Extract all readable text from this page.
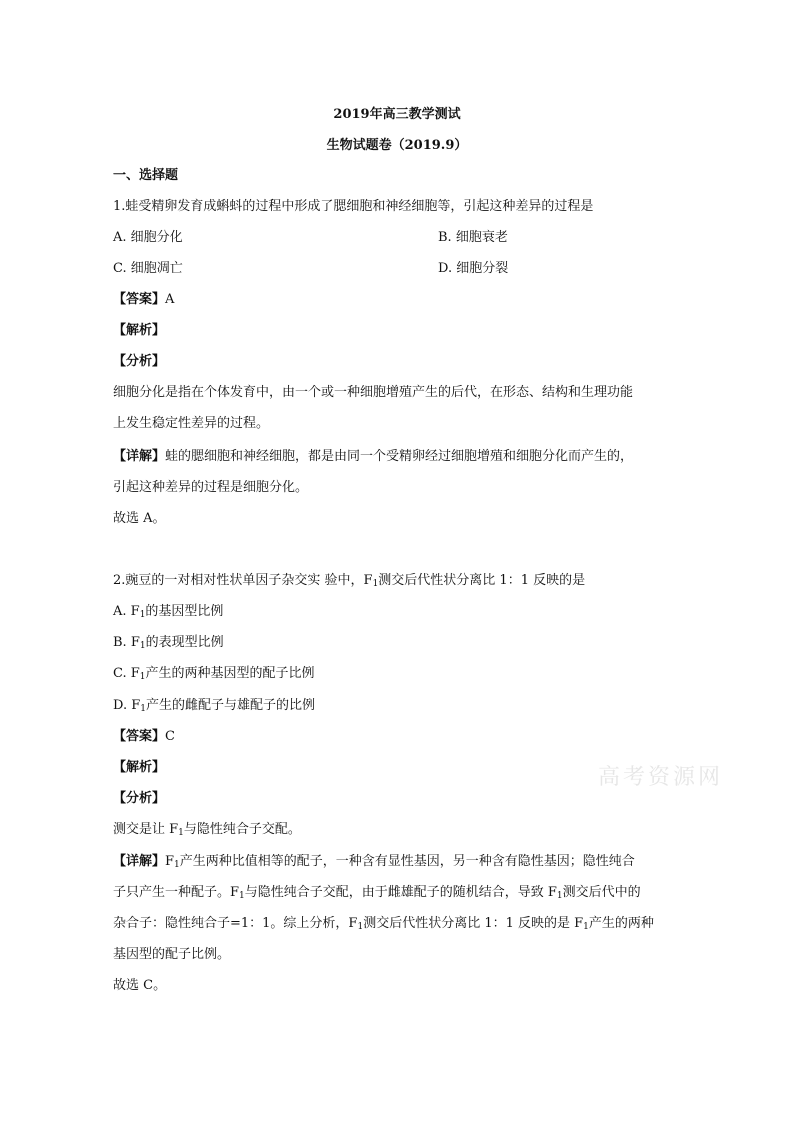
2019年高三教学测试
生物试题卷（2019.9）
一、选择题
1.蛙受精卵发育成蝌蚪的过程中形成了腮细胞和神经细胞等，引起这种差异的过程是
A. 细胞分化	B. 细胞衰老
C. 细胞凋亡	D. 细胞分裂
【答案】A
【解析】
【分析】
细胞分化是指在个体发育中，由一个或一种细胞增殖产生的后代，在形态、结构和生理功能
上发生稳定性差异的过程。
【详解】蛙的腮细胞和神经细胞，都是由同一个受精卵经过细胞增殖和细胞分化而产生的，
引起这种差异的过程是细胞分化。
故选 A。
2.豌豆的一对相对性状单因子杂交实 验中，$F_1$测交后代性状分离比 1：1 反映的是
A. $F_1$的基因型比例
B. $F_1$的表现型比例
C. $F_1$产生的两种基因型的配子比例
D. $F_1$产生的雌配子与雄配子的比例
【答案】C
【解析】
【分析】
测交是让 $F_1$与隐性纯合子交配。
【详解】$F_1$产生两种比值相等的配子，一种含有显性基因，另一种含有隐性基因；隐性纯合
子只产生一种配子。$F_1$与隐性纯合子交配，由于雌雄配子的随机结合，导致 $F_1$测交后代中的
杂合子：隐性纯合子=1：1。综上分析，$F_1$测交后代性状分离比 1：1 反映的是 $F_1$产生的两种
基因型的配子比例。
故选 C。
高考资源网
